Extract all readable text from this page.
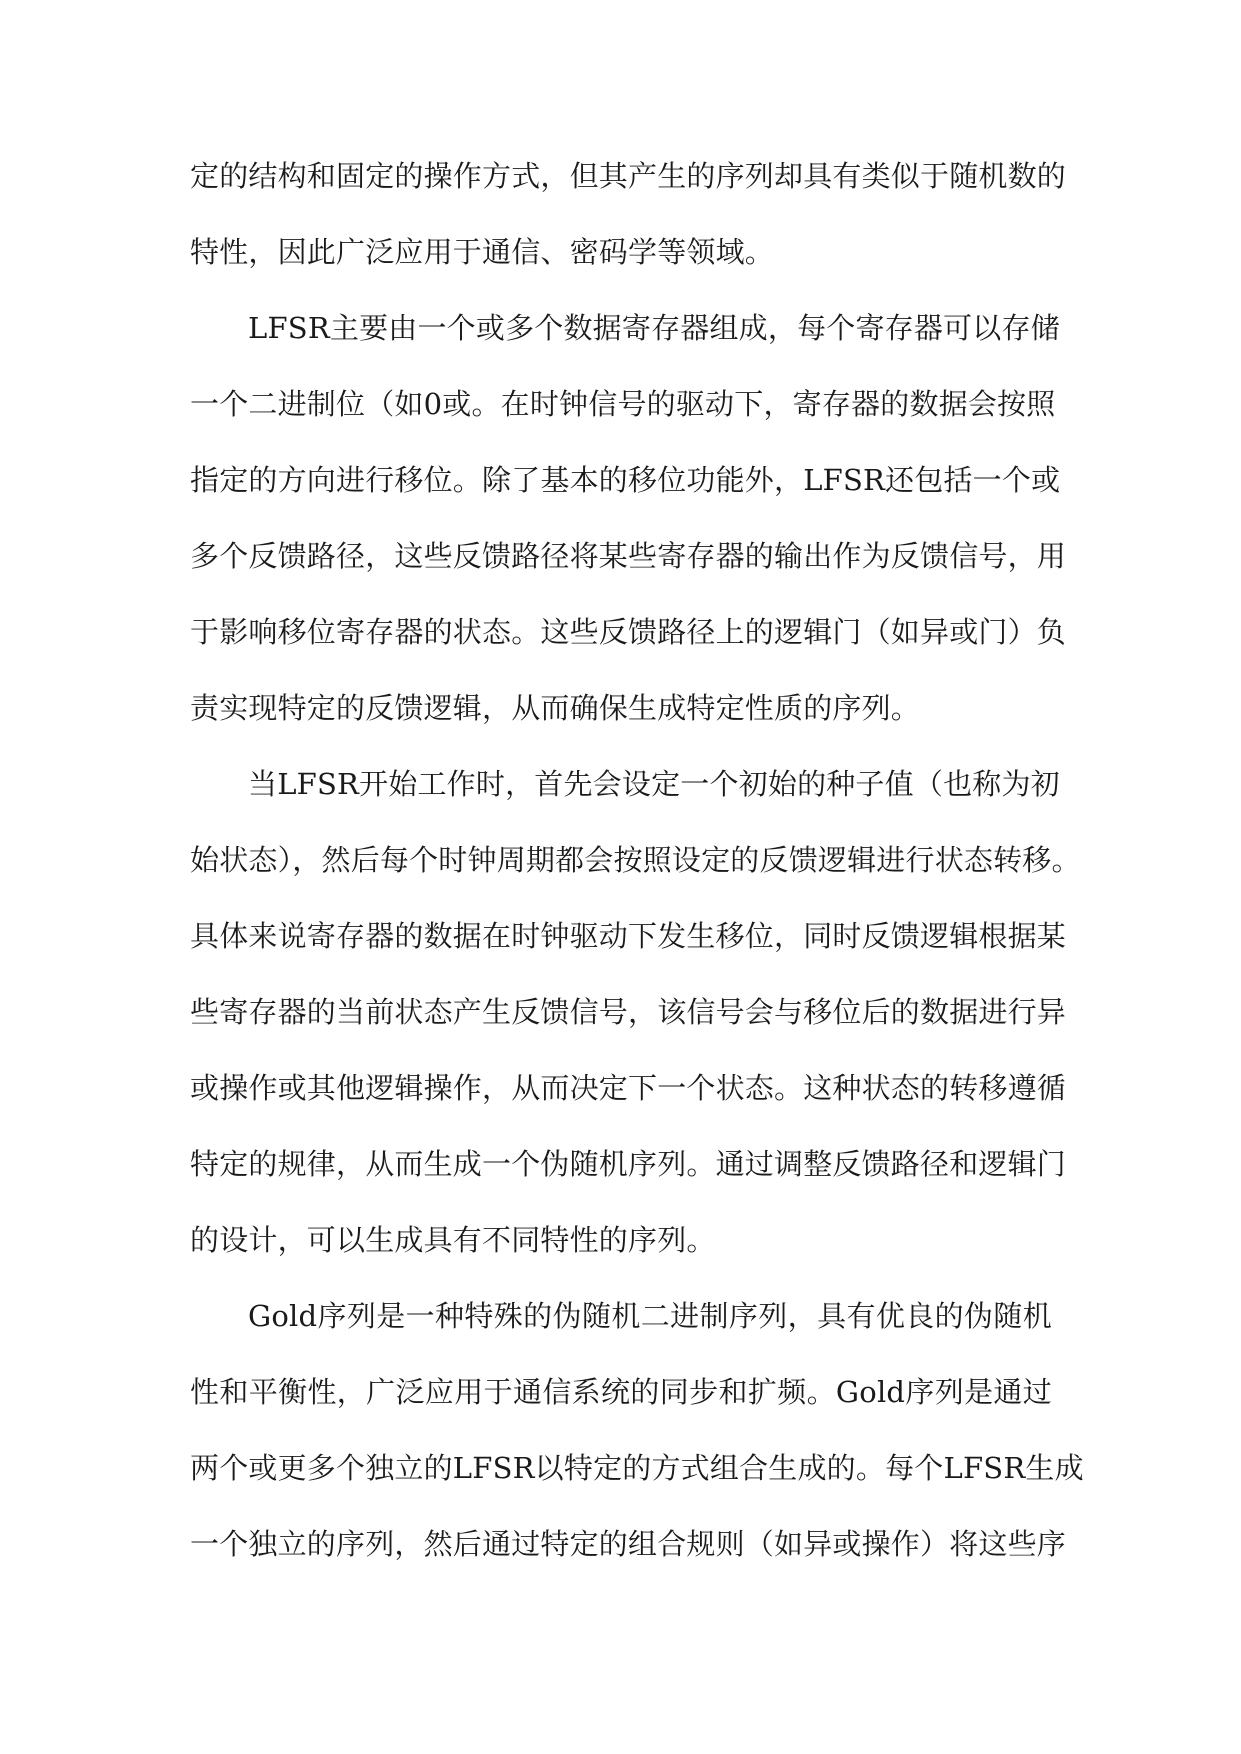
定的结构和固定的操作方式，但其产生的序列却具有类似于随机数的
特性，因此广泛应用于通信、密码学等领域。
LFSR主要由一个或多个数据寄存器组成，每个寄存器可以存储
一个二进制位（如0或。在时钟信号的驱动下，寄存器的数据会按照
指定的方向进行移位。除了基本的移位功能外，LFSR还包括一个或
多个反馈路径，这些反馈路径将某些寄存器的输出作为反馈信号，用
于影响移位寄存器的状态。这些反馈路径上的逻辑门（如异或门）负
责实现特定的反馈逻辑，从而确保生成特定性质的序列。
当LFSR开始工作时，首先会设定一个初始的种子值（也称为初
始状态），然后每个时钟周期都会按照设定的反馈逻辑进行状态转移。
具体来说寄存器的数据在时钟驱动下发生移位，同时反馈逻辑根据某
些寄存器的当前状态产生反馈信号，该信号会与移位后的数据进行异
或操作或其他逻辑操作，从而决定下一个状态。这种状态的转移遵循
特定的规律，从而生成一个伪随机序列。通过调整反馈路径和逻辑门
的设计，可以生成具有不同特性的序列。
Gold序列是一种特殊的伪随机二进制序列，具有优良的伪随机
性和平衡性，广泛应用于通信系统的同步和扩频。Gold序列是通过
两个或更多个独立的LFSR以特定的方式组合生成的。每个LFSR生成
一个独立的序列，然后通过特定的组合规则（如异或操作）将这些序
